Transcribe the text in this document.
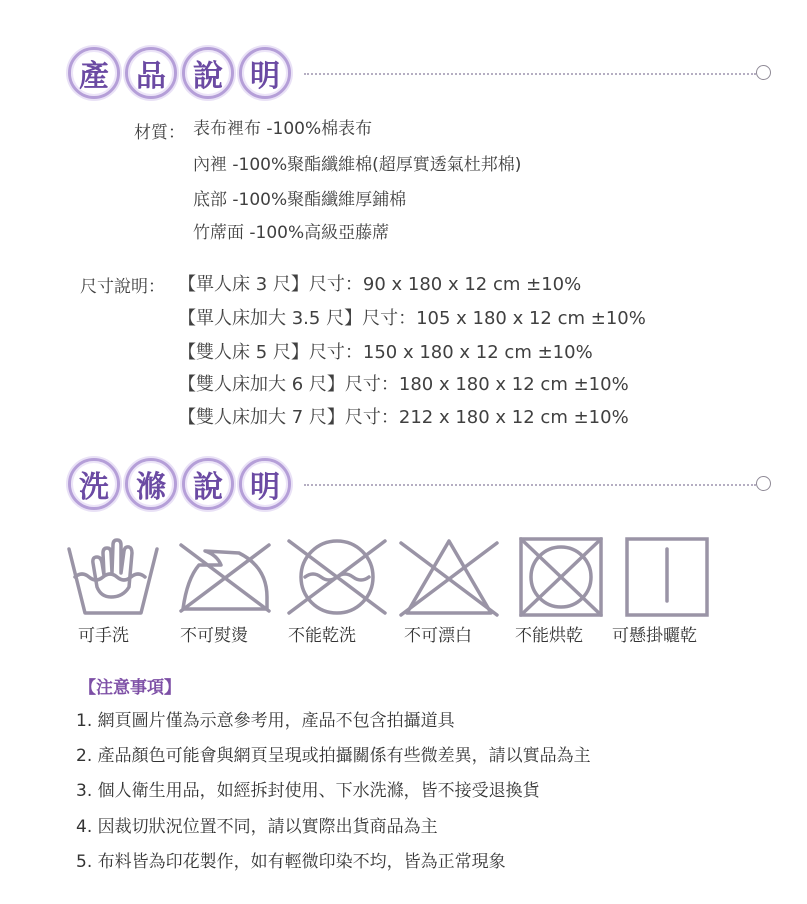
產 品 說 明
材質： 表布裡布 -100%棉表布
內裡 -100%聚酯纖維棉(超厚實透氣杜邦棉)
底部 -100%聚酯纖維厚鋪棉
竹蓆面 -100%高級亞藤蓆
尺寸說明： 【單人床 3 尺】尺寸：90 x 180 x 12 cm ±10%
【單人床加大 3.5 尺】尺寸：105 x 180 x 12 cm ±10%
【雙人床 5 尺】尺寸：150 x 180 x 12 cm ±10%
【雙人床加大 6 尺】尺寸：180 x 180 x 12 cm ±10%
【雙人床加大 7 尺】尺寸：212 x 180 x 12 cm ±10%
洗 滌 說 明
可手洗	不可熨燙 不能乾洗	不可漂白	不能烘乾 可懸掛曬乾
【注意事項】
1. 網頁圖片僅為示意參考用，產品不包含拍攝道具
2. 產品顏色可能會與網頁呈現或拍攝關係有些微差異，請以實品為主
3. 個人衛生用品，如經拆封使用、下水洗滌，皆不接受退換貨
4. 因裁切狀況位置不同，請以實際出貨商品為主
5. 布料皆為印花製作，如有輕微印染不均，皆為正常現象
